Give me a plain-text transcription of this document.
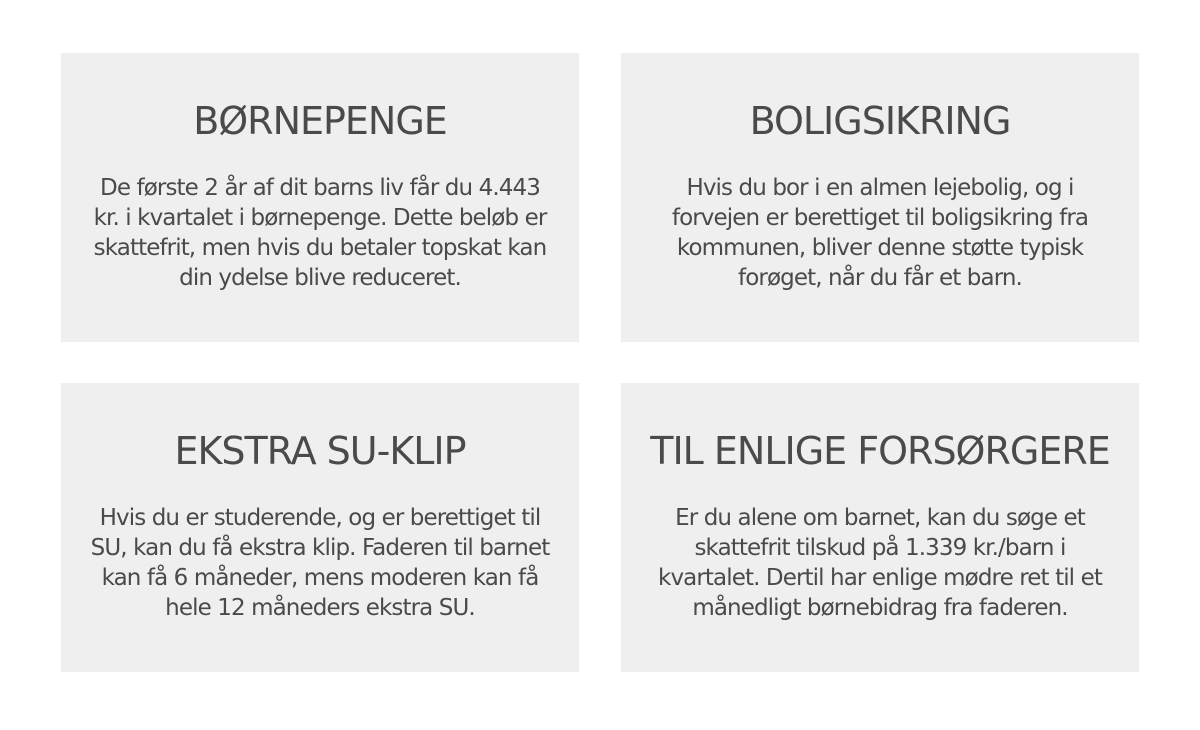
BØRNEPENGE

De første 2 år af dit barns liv får du 4.443 kr. i kvartalet i børnepenge. Dette beløb er skattefrit, men hvis du betaler topskat kan din ydelse blive reduceret.

BOLIGSIKRING

Hvis du bor i en almen lejebolig, og i forvejen er berettiget til boligsikring fra kommunen, bliver denne støtte typisk forøget, når du får et barn.

EKSTRA SU-KLIP

Hvis du er studerende, og er berettiget til SU, kan du få ekstra klip. Faderen til barnet kan få 6 måneder, mens moderen kan få hele 12 måneders ekstra SU.

TIL ENLIGE FORSØRGERE

Er du alene om barnet, kan du søge et skattefrit tilskud på 1.339 kr./barn i kvartalet. Dertil har enlige mødre ret til et månedligt børnebidrag fra faderen.
